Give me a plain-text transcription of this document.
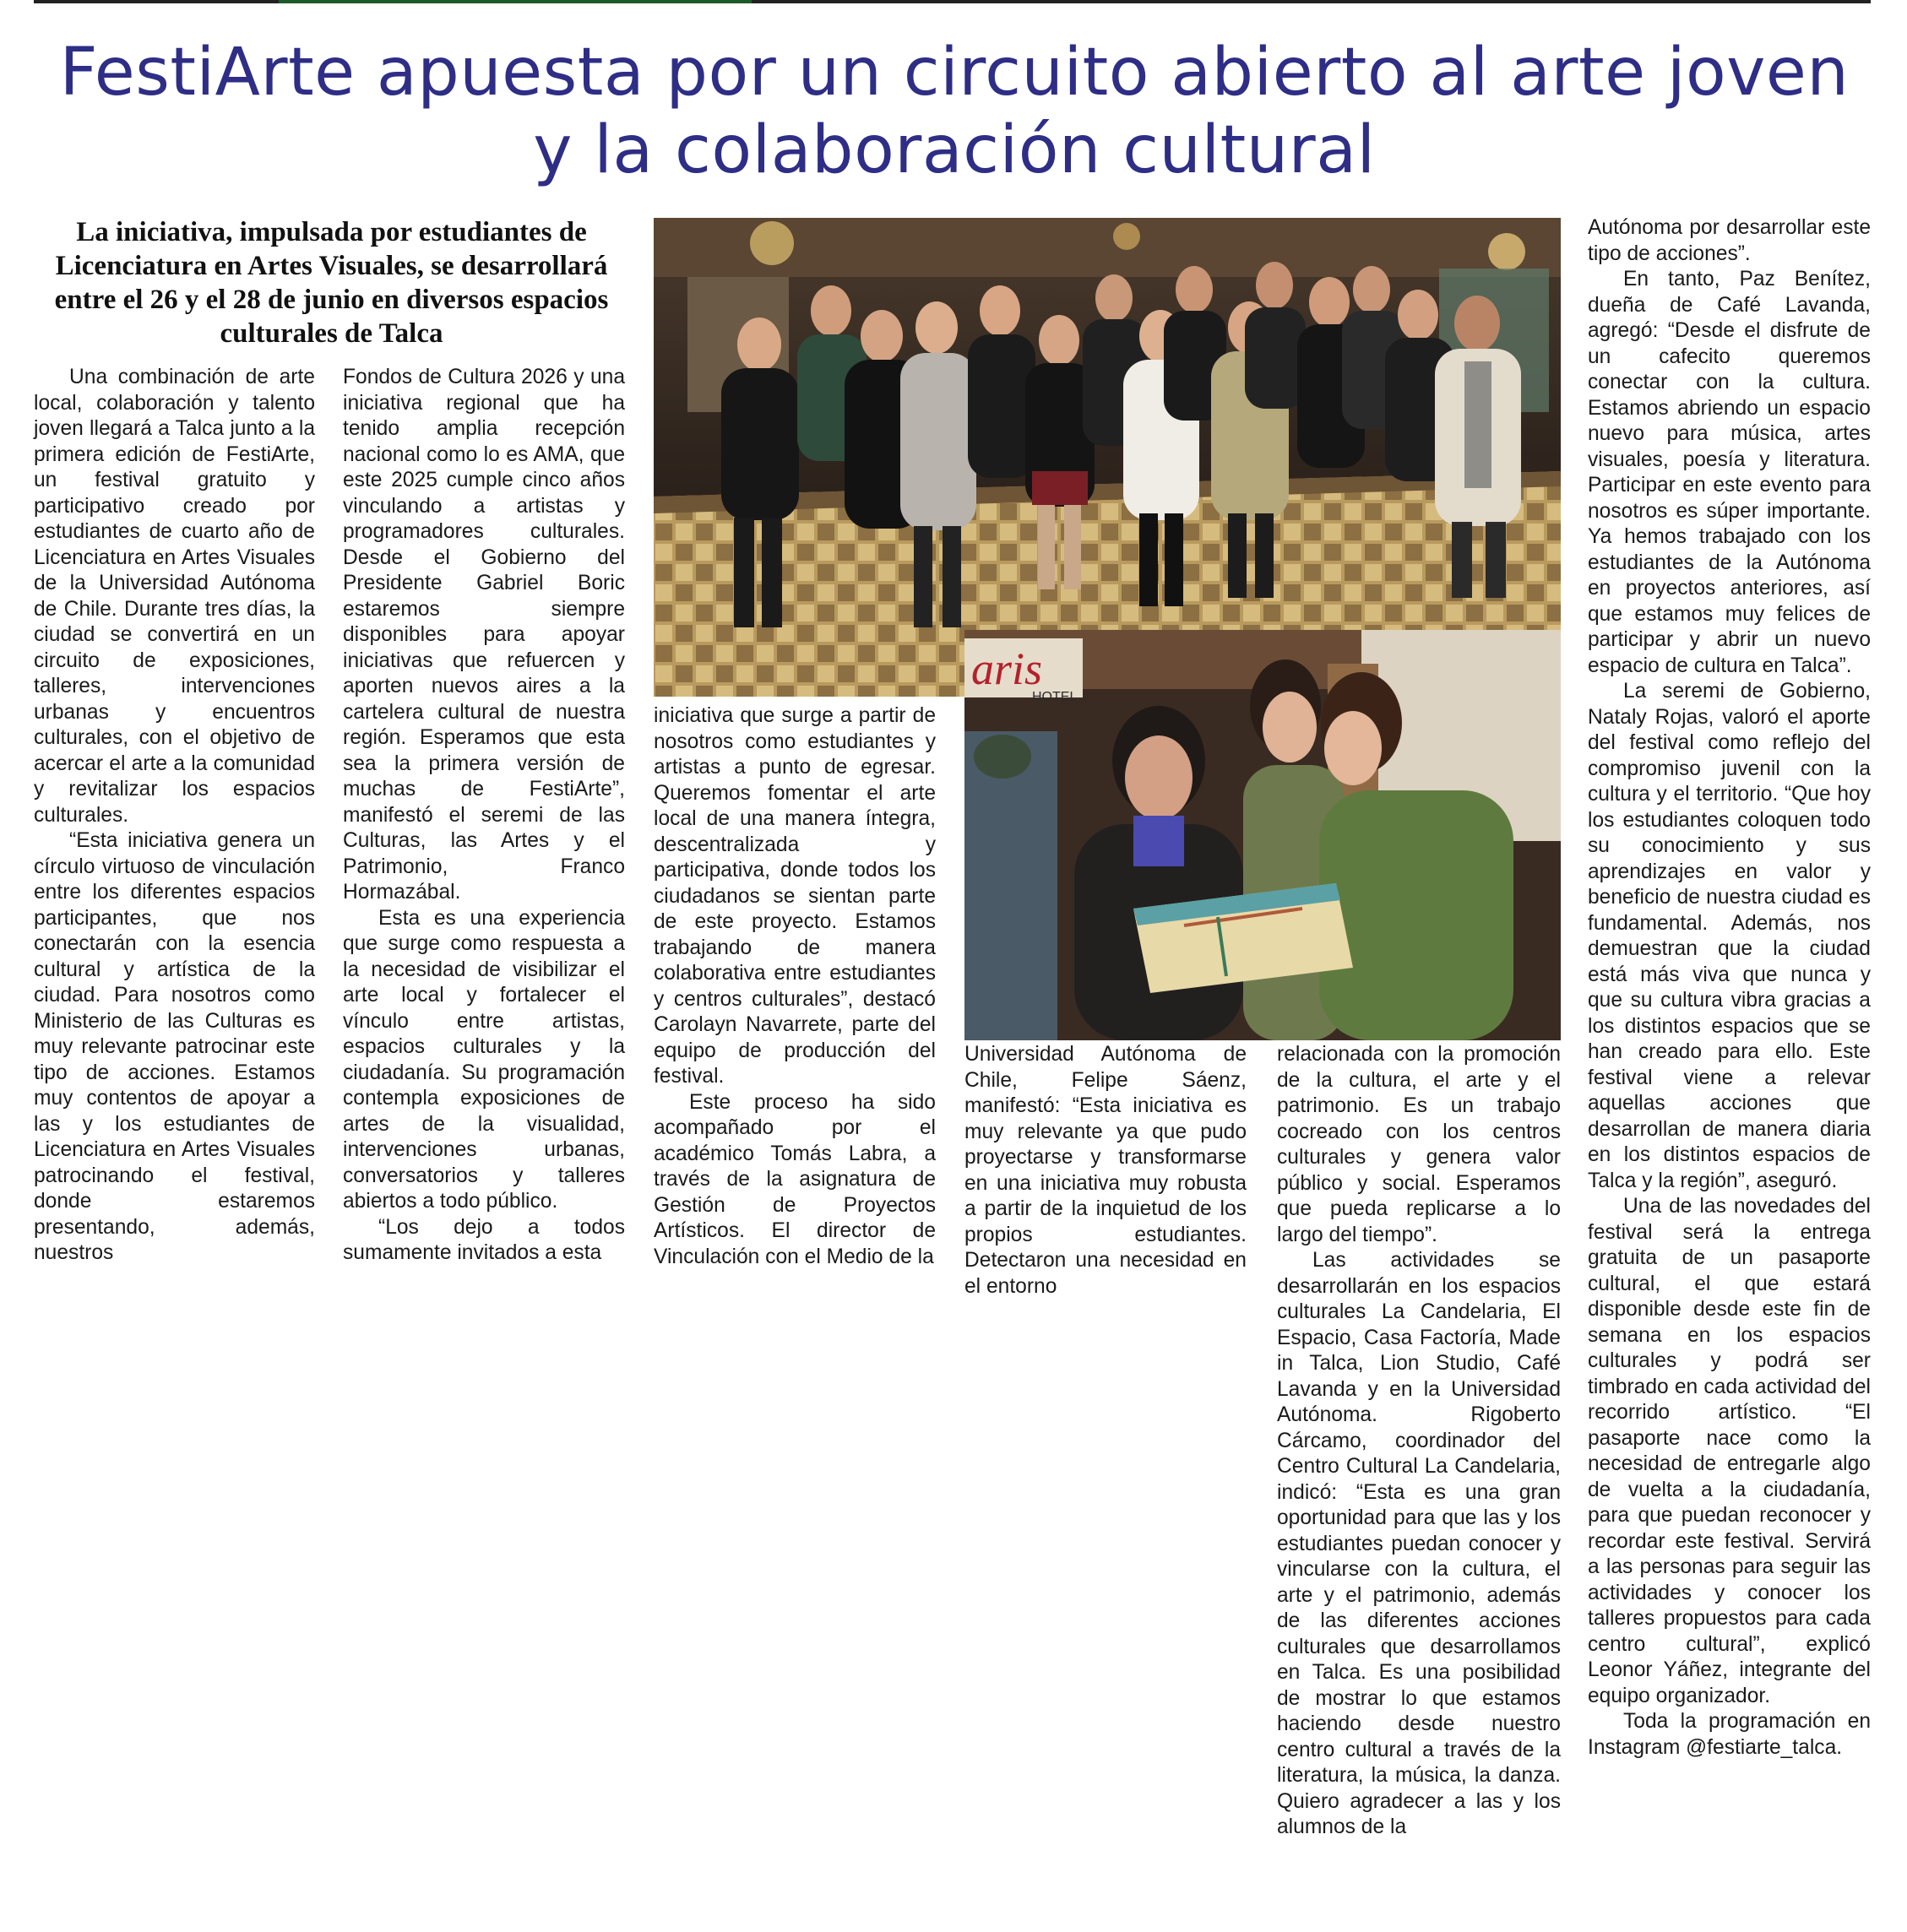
FestiArte apuesta por un circuito abierto al arte joven y la colaboración cultural
La iniciativa, impulsada por estudiantes de Licenciatura en Artes Visuales, se desarrollará entre el 26 y el 28 de junio en diversos espacios culturales de Talca

Una combinación de arte local, colaboración y talento joven llegará a Talca junto a la primera edición de FestiArte, un festival gratuito y participativo creado por estudiantes de cuarto año de Licenciatura en Artes Visuales de la Universidad Autónoma de Chile. Durante tres días, la ciudad se convertirá en un circuito de exposiciones, talleres, intervenciones urbanas y encuentros culturales, con el objetivo de acercar el arte a la comunidad y revitalizar los espacios culturales.

“Esta iniciativa genera un círculo virtuoso de vinculación entre los diferentes espacios participantes, que nos conectarán con la esencia cultural y artística de la ciudad. Para nosotros como Ministerio de las Culturas es muy relevante patrocinar este tipo de acciones. Estamos muy contentos de apoyar a las y los estudiantes de Licenciatura en Artes Visuales patrocinando el festival, donde estaremos presentando, además, nuestros

Fondos de Cultura 2026 y una iniciativa regional que ha tenido amplia recepción nacional como lo es AMA, que este 2025 cumple cinco años vinculando a artistas y programadores culturales. Desde el Gobierno del Presidente Gabriel Boric estaremos siempre disponibles para apoyar iniciativas que refuercen y aporten nuevos aires a la cartelera cultural de nuestra región. Esperamos que esta sea la primera versión de muchas de FestiArte”, manifestó el seremi de las Culturas, las Artes y el Patrimonio, Franco Hormazábal.

Esta es una experiencia que surge como respuesta a la necesidad de visibilizar el arte local y fortalecer el vínculo entre artistas, espacios culturales y la ciudadanía. Su programación contempla exposiciones de artes de la visualidad, intervenciones urbanas, conversatorios y talleres abiertos a todo público.

“Los dejo a todos sumamente invitados a esta

iniciativa que surge a partir de nosotros como estudiantes y artistas a punto de egresar. Queremos fomentar el arte local de una manera íntegra, descentralizada y participativa, donde todos los ciudadanos se sientan parte de este proyecto. Estamos trabajando de manera colaborativa entre estudiantes y centros culturales”, destacó Carolayn Navarrete, parte del equipo de producción del festival.

Este proceso ha sido acompañado por el académico Tomás Labra, a través de la asignatura de Gestión de Proyectos Artísticos. El director de Vinculación con el Medio de la

Universidad Autónoma de Chile, Felipe Sáenz, manifestó: “Esta iniciativa es muy relevante ya que pudo proyectarse y transformarse en una iniciativa muy robusta a partir de la inquietud de los propios estudiantes. Detectaron una necesidad en el entorno

relacionada con la promoción de la cultura, el arte y el patrimonio. Es un trabajo cocreado con los centros culturales y genera valor público y social. Esperamos que pueda replicarse a lo largo del tiempo”.

Las actividades se desarrollarán en los espacios culturales La Candelaria, El Espacio, Casa Factoría, Made in Talca, Lion Studio, Café Lavanda y en la Universidad Autónoma. Rigoberto Cárcamo, coordinador del Centro Cultural La Candelaria, indicó: “Esta es una gran oportunidad para que las y los estudiantes puedan conocer y vincularse con la cultura, el arte y el patrimonio, además de las diferentes acciones culturales que desarrollamos en Talca. Es una posibilidad de mostrar lo que estamos haciendo desde nuestro centro cultural a través de la literatura, la música, la danza. Quiero agradecer a las y los alumnos de la

Autónoma por desarrollar este tipo de acciones”.

En tanto, Paz Benítez, dueña de Café Lavanda, agregó: “Desde el disfrute de un cafecito queremos conectar con la cultura. Estamos abriendo un espacio nuevo para música, artes visuales, poesía y literatura. Participar en este evento para nosotros es súper importante. Ya hemos trabajado con los estudiantes de la Autónoma en proyectos anteriores, así que estamos muy felices de participar y abrir un nuevo espacio de cultura en Talca”.

La seremi de Gobierno, Nataly Rojas, valoró el aporte del festival como reflejo del compromiso juvenil con la cultura y el territorio. “Que hoy los estudiantes coloquen todo su conocimiento y sus aprendizajes en valor y beneficio de nuestra ciudad es fundamental. Además, nos demuestran que la ciudad está más viva que nunca y que su cultura vibra gracias a los distintos espacios que se han creado para ello. Este festival viene a relevar aquellas acciones que desarrollan de manera diaria en los distintos espacios de Talca y la región”, aseguró.

Una de las novedades del festival será la entrega gratuita de un pasaporte cultural, el que estará disponible desde este fin de semana en los espacios culturales y podrá ser timbrado en cada actividad del recorrido artístico. “El pasaporte nace como la necesidad de entregarle algo de vuelta a la ciudadanía, para que puedan reconocer y recordar este festival. Servirá a las personas para seguir las actividades y conocer los talleres propuestos para cada centro cultural”, explicó Leonor Yáñez, integrante del equipo organizador.

Toda la programación en Instagram @festiarte_talca.

aris
HOTEL
